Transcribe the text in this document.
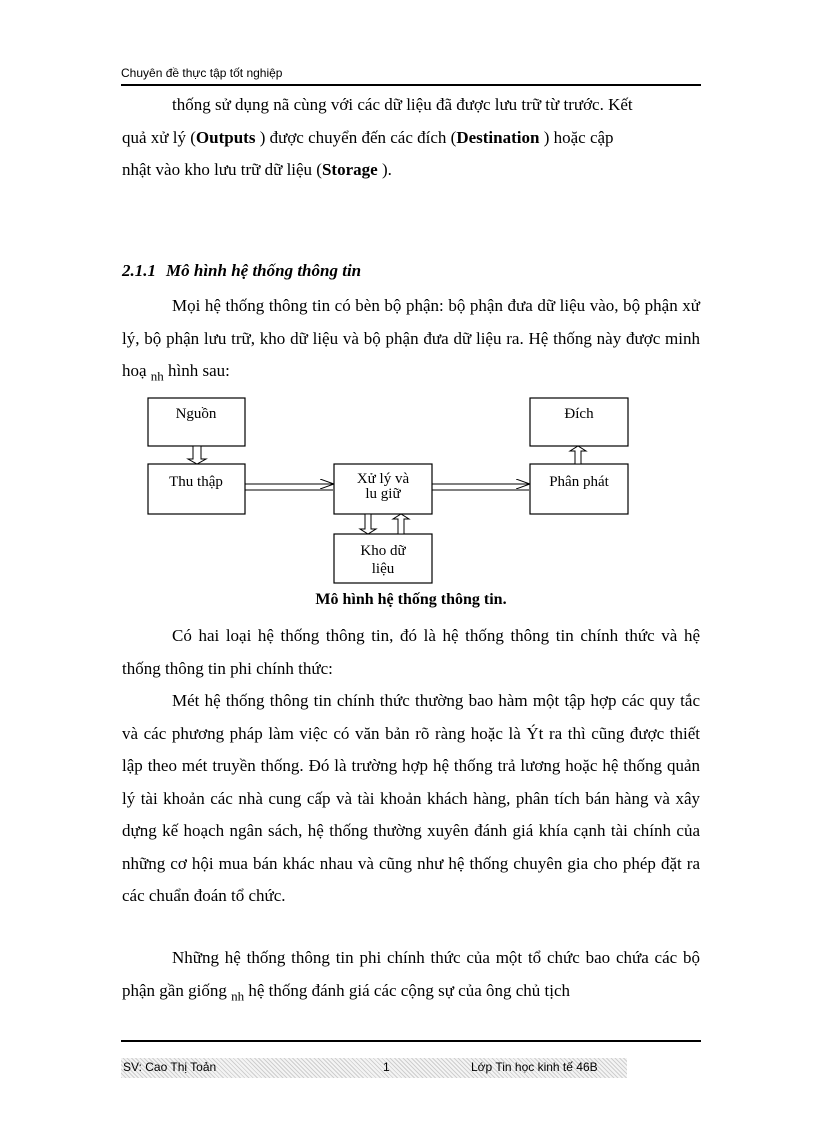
Chuyên đề thực tập tốt nghiệp
thống sử dụng nã cùng với các dữ liệu đã được lưu trữ từ trước. Kết
quả xử lý (Outputs ) được chuyển đến các đích (Destination ) hoặc cập
nhật vào kho lưu trữ dữ liệu (Storage ).
2.1.1 Mô hình hệ thống thông tin
Mọi hệ thống thông tin có bèn bộ phận: bộ phận đưa dữ liệu vào, bộ phận xử lý, bộ phận lưu trữ, kho dữ liệu và bộ phận đưa dữ liệu ra. Hệ thống này được minh hoạ $_{nh}$ hình sau:
Nguồn
Thu thập	Xử lý và
lu giữ
Kho dữ
liệu
Đích
Phân phát
Mô hình hệ thống thông tin.
Có hai loại hệ thống thông tin, đó là hệ thống thông tin chính thức và hệ thống thông tin phi chính thức:
Mét hệ thống thông tin chính thức thường bao hàm một tập hợp các quy tắc và các phương pháp làm việc có văn bản rõ ràng hoặc là Ýt ra thì cũng được thiết lập theo mét truyền thống. Đó là trường hợp hệ thống trả lương hoặc hệ thống quản lý tài khoản các nhà cung cấp và tài khoản khách hàng, phân tích bán hàng và xây dựng kế hoạch ngân sách, hệ thống thường xuyên đánh giá khía cạnh tài chính của những cơ hội mua bán khác nhau và cũng như hệ thống chuyên gia cho phép đặt ra các chuẩn đoán tổ chức.
Những hệ thống thông tin phi chính thức của một tổ chức bao chứa các bộ phận gần giống $_{nh}$ hệ thống đánh giá các cộng sự của ông chủ tịch
SV: Cao Thị Toản	1	Lớp Tin học kinh tế 46B
